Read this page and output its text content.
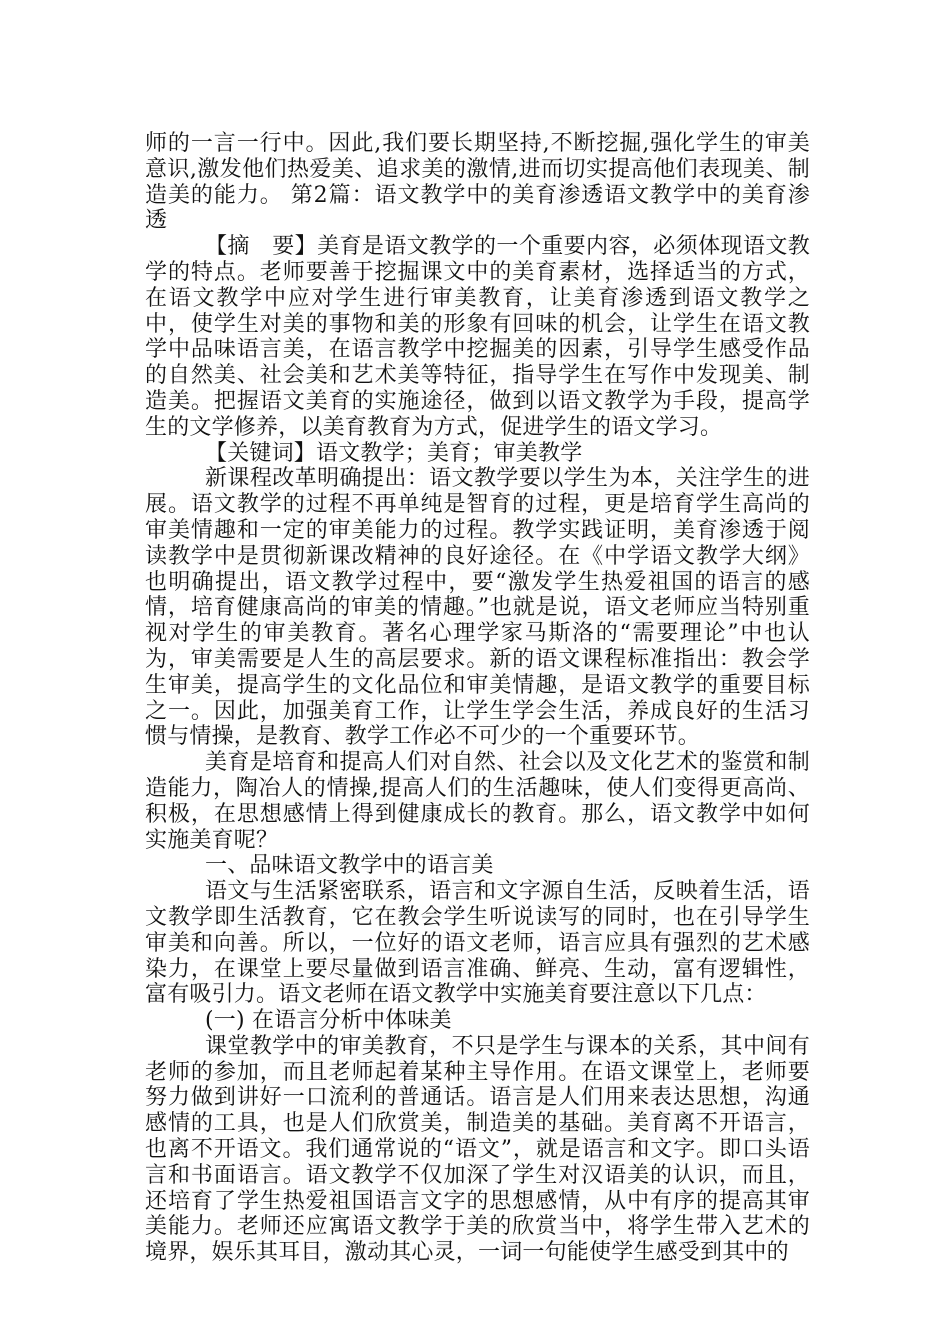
师的一言一行中。因此,我们要长期坚持,不断挖掘,强化学生的审美意识,激发他们热爱美、追求美的激情,进而切实提高他们表现美、制造美的能力。 第2篇：语文教学中的美育渗透语文教学中的美育渗透

【摘　要】美育是语文教学的一个重要内容，必须体现语文教学的特点。老师要善于挖掘课文中的美育素材，选择适当的方式，在语文教学中应对学生进行审美教育，让美育渗透到语文教学之中，使学生对美的事物和美的形象有回味的机会，让学生在语文教学中品味语言美，在语言教学中挖掘美的因素，引导学生感受作品的自然美、社会美和艺术美等特征，指导学生在写作中发现美、制造美。把握语文美育的实施途径，做到以语文教学为手段，提高学生的文学修养，以美育教育为方式，促进学生的语文学习。

【关键词】语文教学；美育；审美教学

新课程改革明确提出：语文教学要以学生为本，关注学生的进展。语文教学的过程不再单纯是智育的过程，更是培育学生高尚的审美情趣和一定的审美能力的过程。教学实践证明，美育渗透于阅读教学中是贯彻新课改精神的良好途径。在《中学语文教学大纲》也明确提出，语文教学过程中，要“激发学生热爱祖国的语言的感情，培育健康高尚的审美的情趣。”也就是说，语文老师应当特别重视对学生的审美教育。著名心理学家马斯洛的“需要理论”中也认为，审美需要是人生的高层要求。新的语文课程标准指出：教会学生审美，提高学生的文化品位和审美情趣，是语文教学的重要目标之一。因此，加强美育工作，让学生学会生活，养成良好的生活习惯与情操，是教育、教学工作必不可少的一个重要环节。

美育是培育和提高人们对自然、社会以及文化艺术的鉴赏和制造能力，陶冶人的情操,提高人们的生活趣味，使人们变得更高尚、积极，在思想感情上得到健康成长的教育。那么，语文教学中如何实施美育呢？

一、品味语文教学中的语言美

语文与生活紧密联系，语言和文字源自生活，反映着生活，语文教学即生活教育，它在教会学生听说读写的同时，也在引导学生审美和向善。所以，一位好的语文老师，语言应具有强烈的艺术感染力，在课堂上要尽量做到语言准确、鲜亮、生动，富有逻辑性，富有吸引力。语文老师在语文教学中实施美育要注意以下几点：

(一) 在语言分析中体味美

课堂教学中的审美教育，不只是学生与课本的关系，其中间有老师的参加，而且老师起着某种主导作用。在语文课堂上，老师要努力做到讲好一口流利的普通话。语言是人们用来表达思想，沟通感情的工具，也是人们欣赏美，制造美的基础。美育离不开语言，也离不开语文。我们通常说的“语文”，就是语言和文字。即口头语言和书面语言。语文教学不仅加深了学生对汉语美的认识，而且，还培育了学生热爱祖国语言文字的思想感情，从中有序的提高其审美能力。老师还应寓语文教学于美的欣赏当中，将学生带入艺术的境界，娱乐其耳目，激动其心灵，一词一句能使学生感受到其中的
